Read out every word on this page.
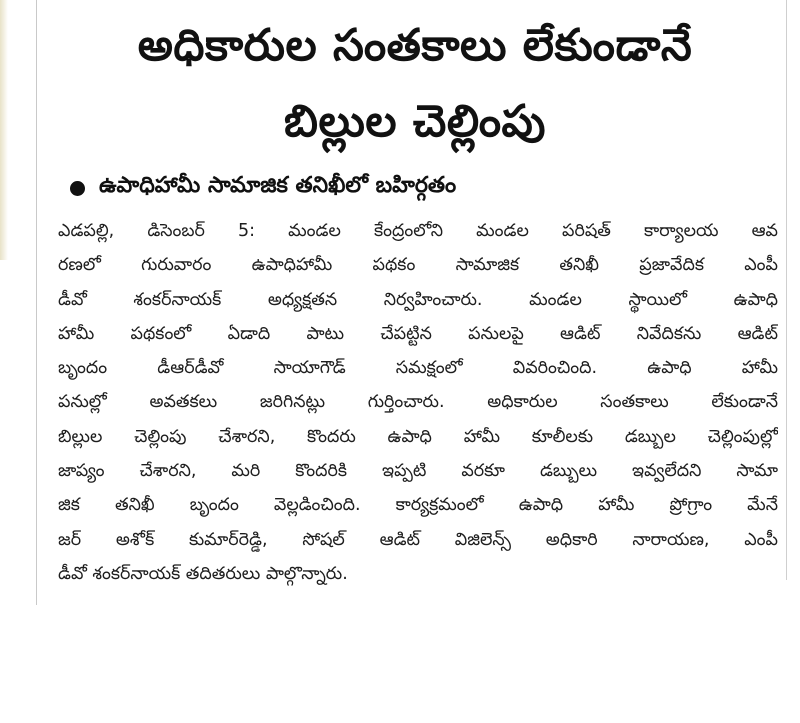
అధికారుల సంతకాలు లేకుండానే
బిల్లుల చెల్లింపు
ఉపాధిహామీ సామాజిక తనిఖీలో బహిర్గతం
ఎడపల్లి, డిసెంబర్ 5: మండల కేంద్రంలోని మండల పరిషత్ కార్యాలయ ఆవ
రణలో గురువారం ఉపాధిహామీ పథకం సామాజిక తనిఖీ ప్రజావేదిక ఎంపీ
డీవో శంకర్‌నాయక్ అధ్యక్షతన నిర్వహించారు. మండల స్థాయిలో ఉపాధి
హామీ పథకంలో ఏడాది పాటు చేపట్టిన పనులపై ఆడిట్ నివేదికను ఆడిట్
బృందం డీఆర్‌డీవో సాయాగౌడ్ సమక్షంలో వివరించింది. ఉపాధి హామీ
పనుల్లో అవతకలు జరిగినట్లు గుర్తించారు. అధికారుల సంతకాలు లేకుండానే
బిల్లుల చెల్లింపు చేశారని, కొందరు ఉపాధి హామీ కూలీలకు డబ్బుల చెల్లింపుల్లో
జాప్యం చేశారని, మరి కొందరికి ఇప్పటి వరకూ డబ్బులు ఇవ్వలేదని సామా
జిక తనిఖీ బృందం వెల్లడించింది. కార్యక్రమంలో ఉపాధి హామీ ప్రోగ్రాం మేనే
జర్ అశోక్ కుమార్‌రెడ్డి, సోషల్ ఆడిట్ విజిలెన్స్ అధికారి నారాయణ, ఎంపీ
డీవో శంకర్‌నాయక్ తదితరులు పాల్గొన్నారు.
